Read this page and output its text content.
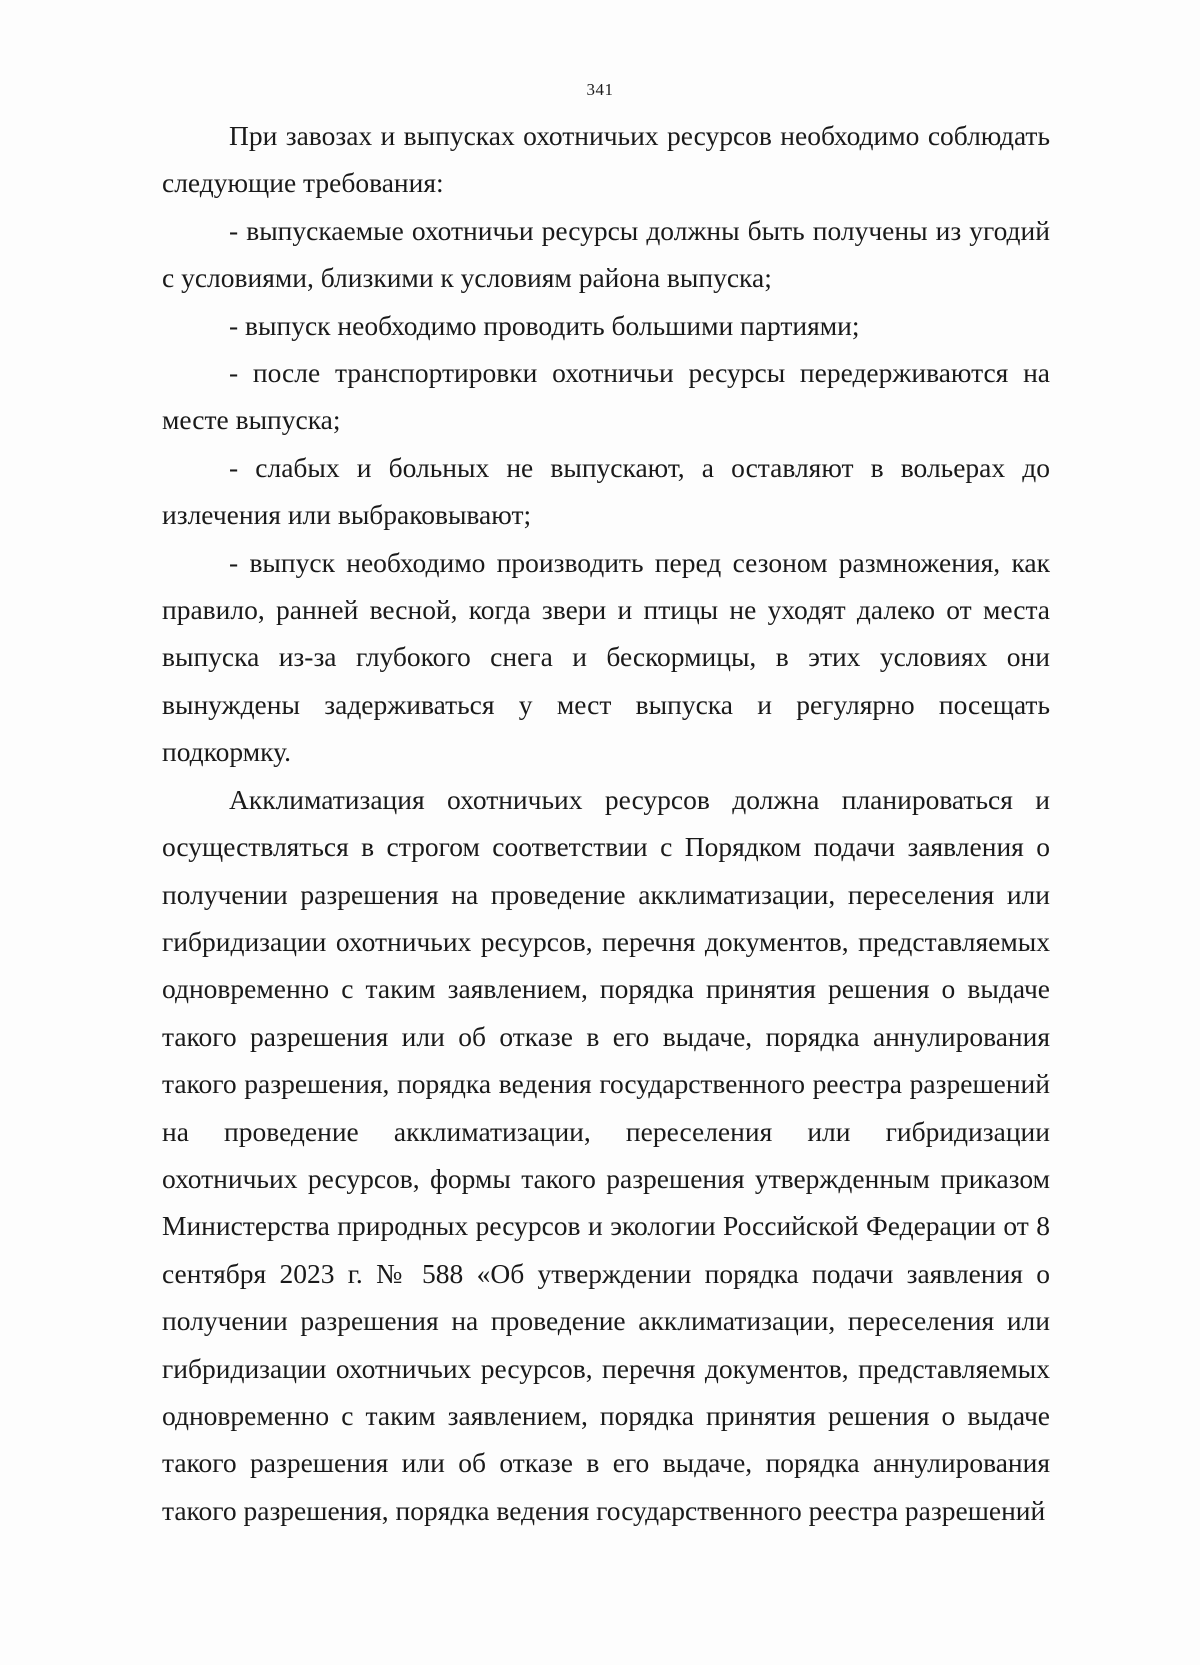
341

При завозах и выпусках охотничьих ресурсов необходимо соблюдать следующие требования:

- выпускаемые охотничьи ресурсы должны быть получены из угодий с условиями, близкими к условиям района выпуска;

- выпуск необходимо проводить большими партиями;

- после транспортировки охотничьи ресурсы передерживаются на месте выпуска;

- слабых и больных не выпускают, а оставляют в вольерах до излечения или выбраковывают;

- выпуск необходимо производить перед сезоном размножения, как правило, ранней весной, когда звери и птицы не уходят далеко от места выпуска из-за глубокого снега и бескормицы, в этих условиях они вынуждены задерживаться у мест выпуска и регулярно посещать подкормку.

Акклиматизация охотничьих ресурсов должна планироваться и осуществляться в строгом соответствии с Порядком подачи заявления о получении разрешения на проведение акклиматизации, переселения или гибридизации охотничьих ресурсов, перечня документов, представляемых одновременно с таким заявлением, порядка принятия решения о выдаче такого разрешения или об отказе в его выдаче, порядка аннулирования такого разрешения, порядка ведения государственного реестра разрешений на проведение акклиматизации, переселения или гибридизации охотничьих ресурсов, формы такого разрешения утвержденным приказом Министерства природных ресурсов и экологии Российской Федерации от 8 сентября 2023 г. № 588 «Об утверждении порядка подачи заявления о получении разрешения на проведение акклиматизации, переселения или гибридизации охотничьих ресурсов, перечня документов, представляемых одновременно с таким заявлением, порядка принятия решения о выдаче такого разрешения или об отказе в его выдаче, порядка аннулирования такого разрешения, порядка ведения государственного реестра разрешений
